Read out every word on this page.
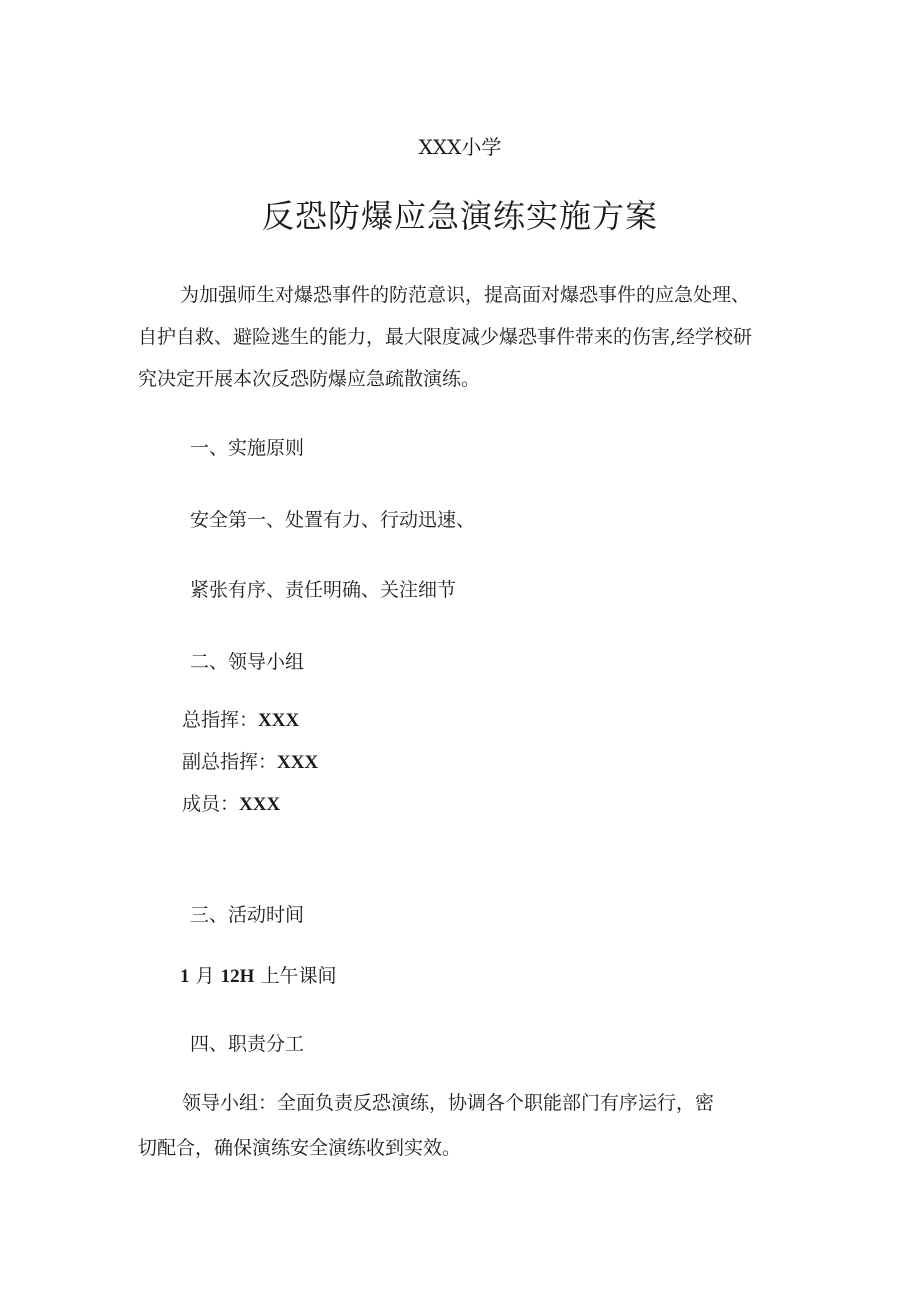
XXX小学
反恐防爆应急演练实施方案
为加强师生对爆恐事件的防范意识，提高面对爆恐事件的应急处理、
自护自救、避险逃生的能力，最大限度减少爆恐事件带来的伤害,经学校研
究决定开展本次反恐防爆应急疏散演练。
一、实施原则
安全第一、处置有力、行动迅速、
紧张有序、责任明确、关注细节
二、领导小组
总指挥：XXX
副总指挥：XXX
成员：XXX
三、活动时间
1 月 12H 上午课间
四、职责分工
领导小组：全面负责反恐演练，协调各个职能部门有序运行，密
切配合，确保演练安全演练收到实效。
